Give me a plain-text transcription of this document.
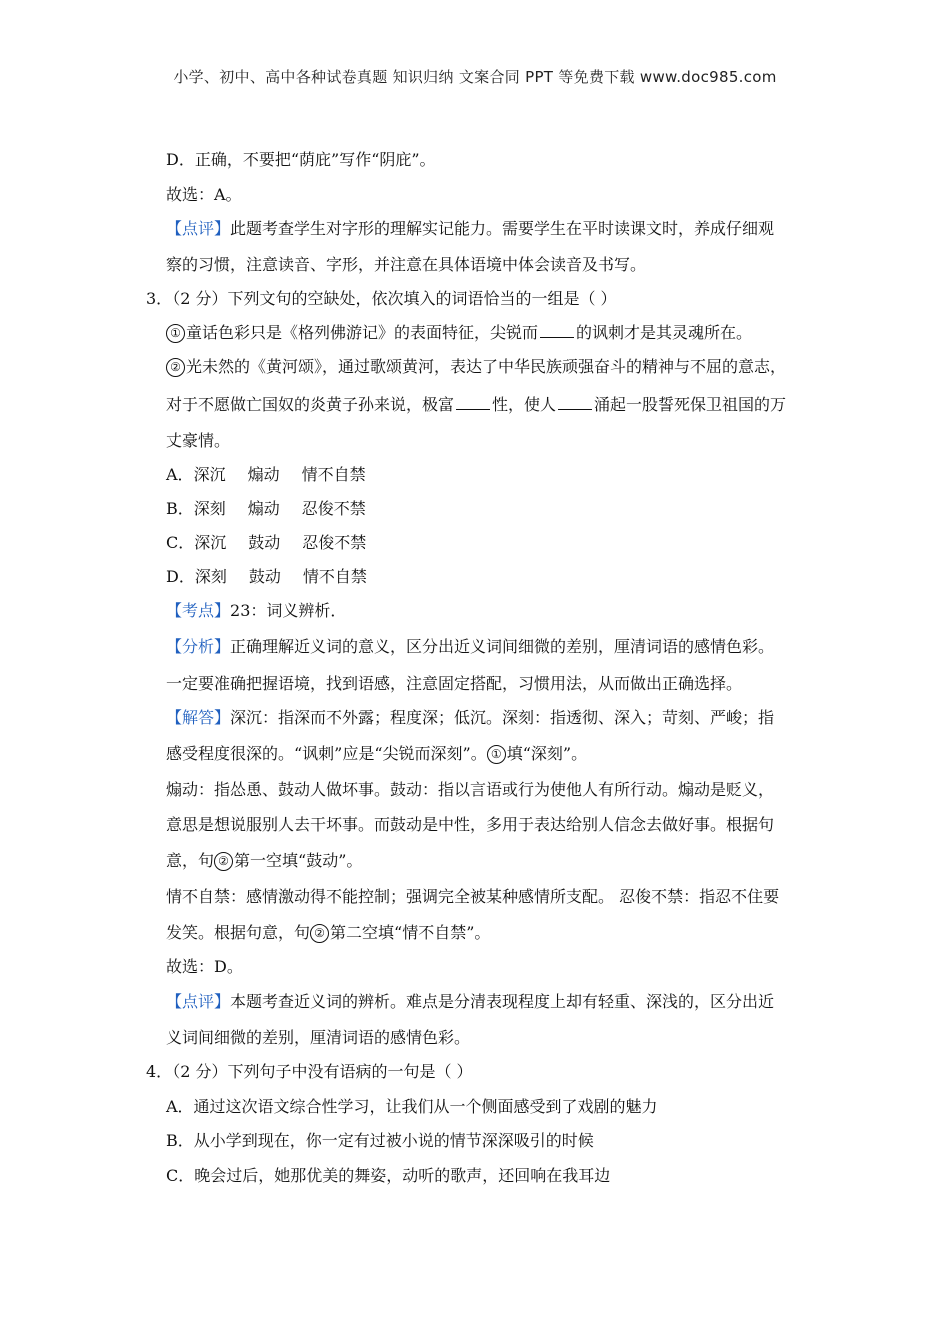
小学、初中、高中各种试卷真题 知识归纳 文案合同 PPT 等免费下载 www.doc985.com
D．正确，不要把“荫庇”写作“阴庇”。
故选：A。
【点评】此题考查学生对字形的理解实记能力。需要学生在平时读课文时，养成仔细观
察的习惯，注意读音、字形，并注意在具体语境中体会读音及书写。
3．（2 分）下列文句的空缺处，依次填入的词语恰当的一组是（ ）
① 童话色彩只是《格列佛游记》的表面特征，尖锐而 的讽刺才是其灵魂所在。
② 光未然的《黄河颂》，通过歌颂黄河，表达了中华民族顽强奋斗的精神与不屈的意志，
对于不愿做亡国奴的炎黄子孙来说，极富 性，使人 涌起一股誓死保卫祖国的万
丈豪情。
A．深沉 煽动 情不自禁
B．深刻 煽动 忍俊不禁
C．深沉 鼓动 忍俊不禁
D．深刻 鼓动 情不自禁
【考点】23：词义辨析．
【分析】正确理解近义词的意义，区分出近义词间细微的差别，厘清词语的感情色彩。
一定要准确把握语境，找到语感，注意固定搭配，习惯用法，从而做出正确选择。
【解答】深沉：指深而不外露；程度深；低沉。深刻：指透彻、深入；苛刻、严峻；指
感受程度很深的。“讽刺”应是“尖锐而深刻”。 ① 填“深刻”。
煽动：指怂恿、鼓动人做坏事。鼓动：指以言语或行为使他人有所行动。煽动是贬义，
意思是想说服别人去干坏事。而鼓动是中性，多用于表达给别人信念去做好事。根据句
意，句 ② 第一空填“鼓动”。
情不自禁：感情激动得不能控制；强调完全被某种感情所支配。 忍俊不禁：指忍不住要
发笑。根据句意，句 ② 第二空填“情不自禁”。
故选：D。
【点评】本题考查近义词的辨析。难点是分清表现程度上却有轻重、深浅的，区分出近
义词间细微的差别，厘清词语的感情色彩。
4．（2 分）下列句子中没有语病的一句是（ ）
A．通过这次语文综合性学习，让我们从一个侧面感受到了戏剧的魅力
B．从小学到现在，你一定有过被小说的情节深深吸引的时候
C．晚会过后，她那优美的舞姿，动听的歌声，还回响在我耳边
